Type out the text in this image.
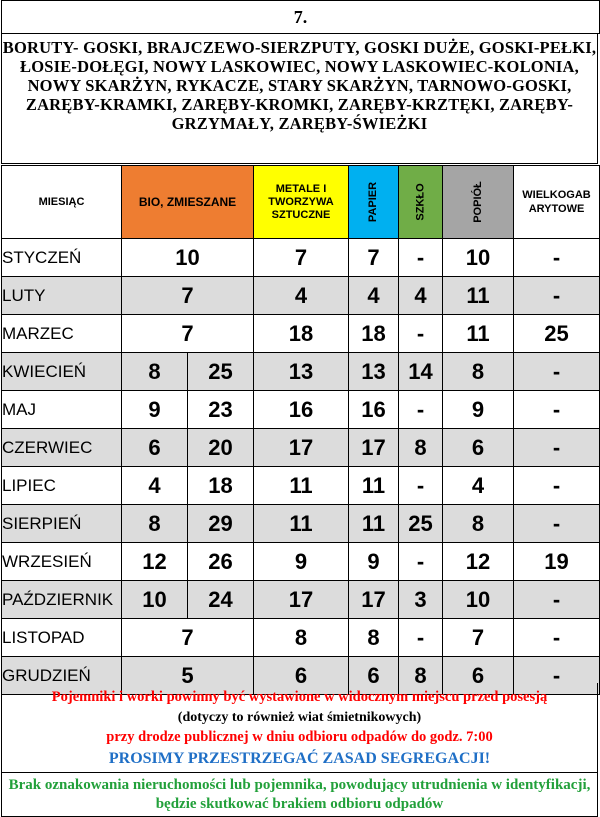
7.
BORUTY- GOSKI, BRAJCZEWO-SIERZPUTY, GOSKI DUŻE, GOSKI-PEŁKI, ŁOSIE-DOŁĘGI, NOWY LASKOWIEC, NOWY LASKOWIEC-KOLONIA, NOWY SKARŻYN, RYKACZE, STARY SKARŻYN, TARNOWO-GOSKI, ZARĘBY-KRAMKI, ZARĘBY-KROMKI, ZARĘBY-KRZTĘKI, ZARĘBY-GRZYMAŁY, ZARĘBY-ŚWIEŻKI
MIESIĄC	BIO, ZMIESZANE		METALE I TWORZYWA SZTUCZNE	PAPIER	SZKŁO	POPIÓŁ	WIELKOGABARYTOWE

STYCZEŃ	10		7	7	-	10	-
LUTY	7		4	4	4	11	-
MARZEC	7		18	18	-	11	25
KWIECIEŃ	8	25	13	13	14	8	-
MAJ	9	23	16	16	-	9	-
CZERWIEC	6	20	17	17	8	6	-
LIPIEC	4	18	11	11	-	4	-
SIERPIEŃ	8	29	11	11	25	8	-
WRZESIEŃ	12	26	9	9	-	12	19
PAŹDZIERNIK	10	24	17	17	3	10	-
LISTOPAD	7		8	8	-	7	-
GRUDZIEŃ	5		6	6	8	6	-
Pojemniki i worki powinny być wystawione w widocznym miejscu przed posesją
(dotyczy to również wiat śmietnikowych)
przy drodze publicznej w dniu odbioru odpadów do godz. 7:00
PROSIMY PRZESTRZEGAĆ ZASAD SEGREGACJI!
Brak oznakowania nieruchomości lub pojemnika, powodujący utrudnienia w identyfikacji, będzie skutkować brakiem odbioru odpadów
